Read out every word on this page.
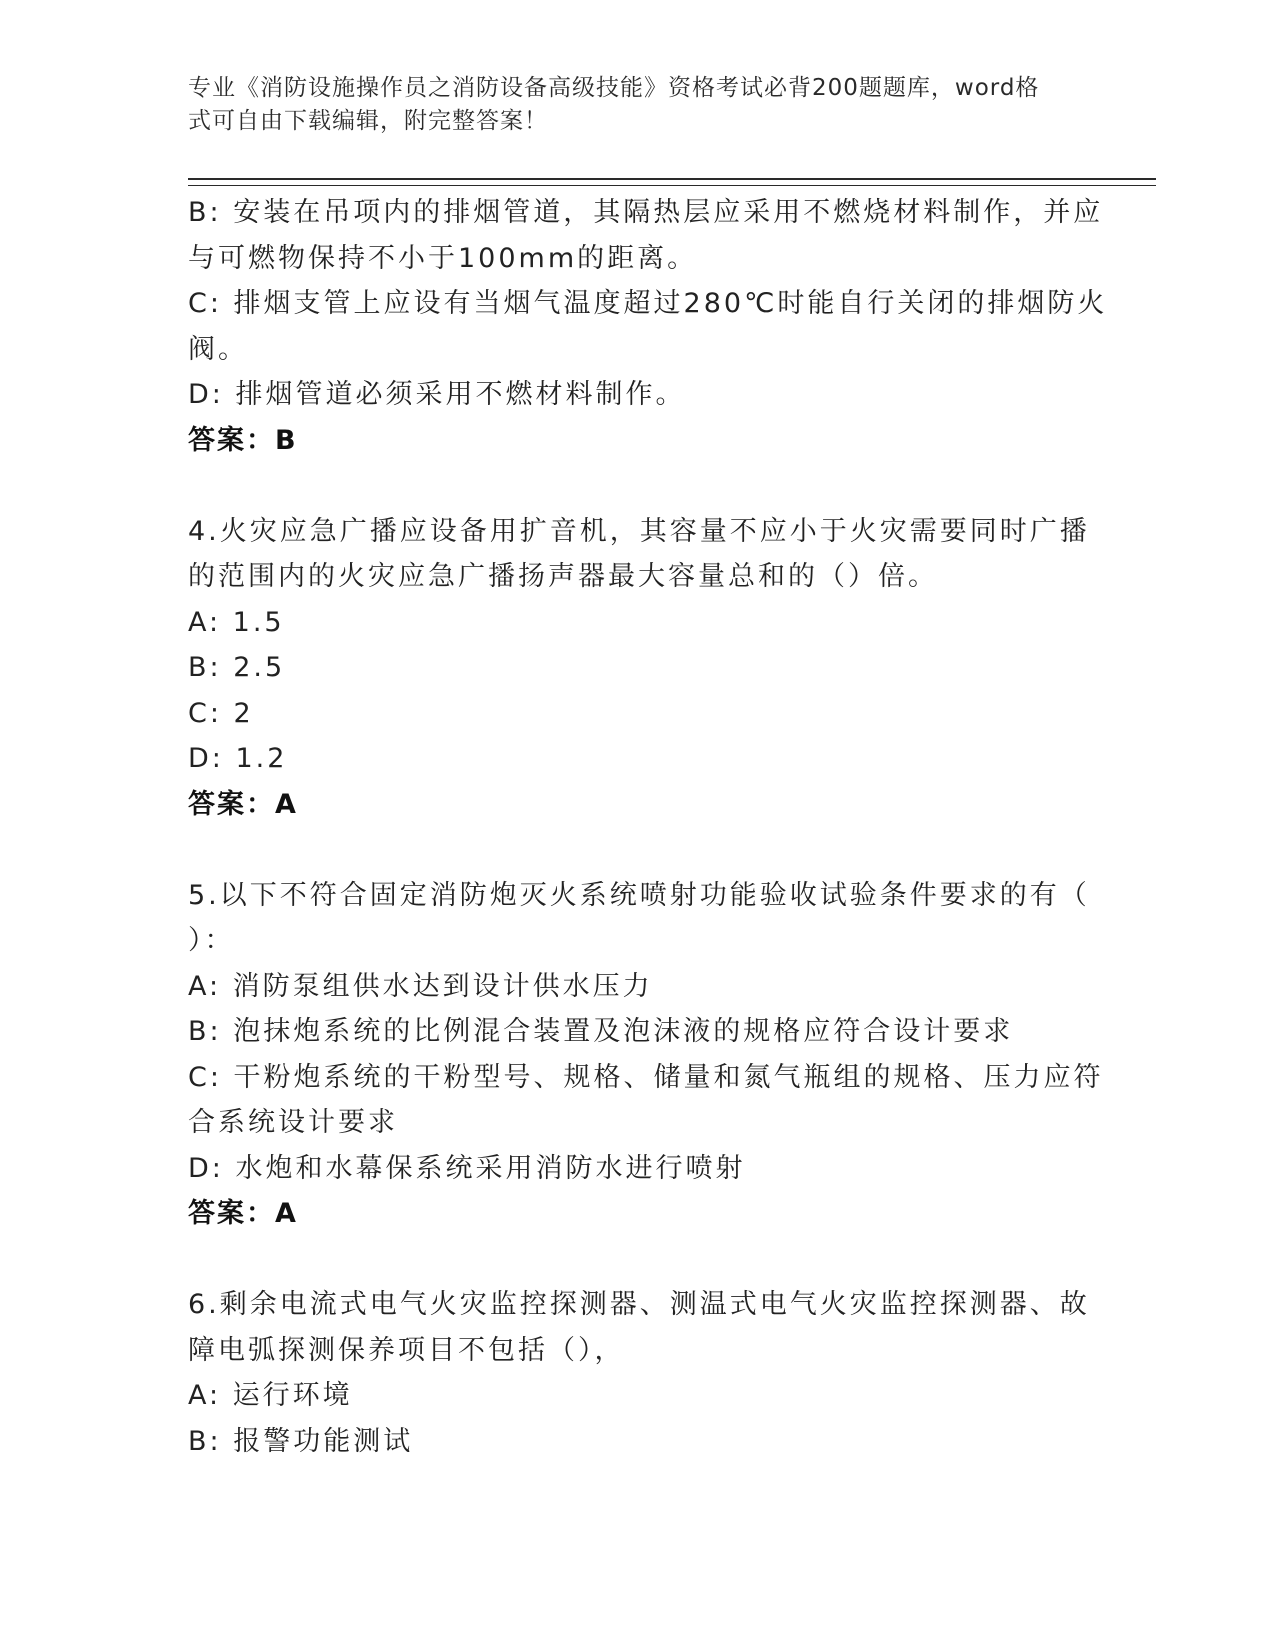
专业《消防设施操作员之消防设备高级技能》资格考试必背200题题库，word格
式可自由下载编辑，附完整答案！
B: 安装在吊项内的排烟管道，其隔热层应采用不燃烧材料制作，并应
与可燃物保持不小于100mm的距离。
C: 排烟支管上应设有当烟气温度超过280℃时能自行关闭的排烟防火
阀。
D: 排烟管道必须采用不燃材料制作。
答案：B
4.火灾应急广播应设备用扩音机，其容量不应小于火灾需要同时广播
的范围内的火灾应急广播扬声器最大容量总和的（）倍。
A: 1.5
B: 2.5
C: 2
D: 1.2
答案：A
5.以下不符合固定消防炮灭火系统喷射功能验收试验条件要求的有（
）：
A: 消防泵组供水达到设计供水压力
B: 泡抹炮系统的比例混合装置及泡沫液的规格应符合设计要求
C: 干粉炮系统的干粉型号、规格、储量和氮气瓶组的规格、压力应符
合系统设计要求
D: 水炮和水幕保系统采用消防水进行喷射
答案：A
6.剩余电流式电气火灾监控探测器、测温式电气火灾监控探测器、故
障电弧探测保养项目不包括（），
A: 运行环境
B: 报警功能测试
